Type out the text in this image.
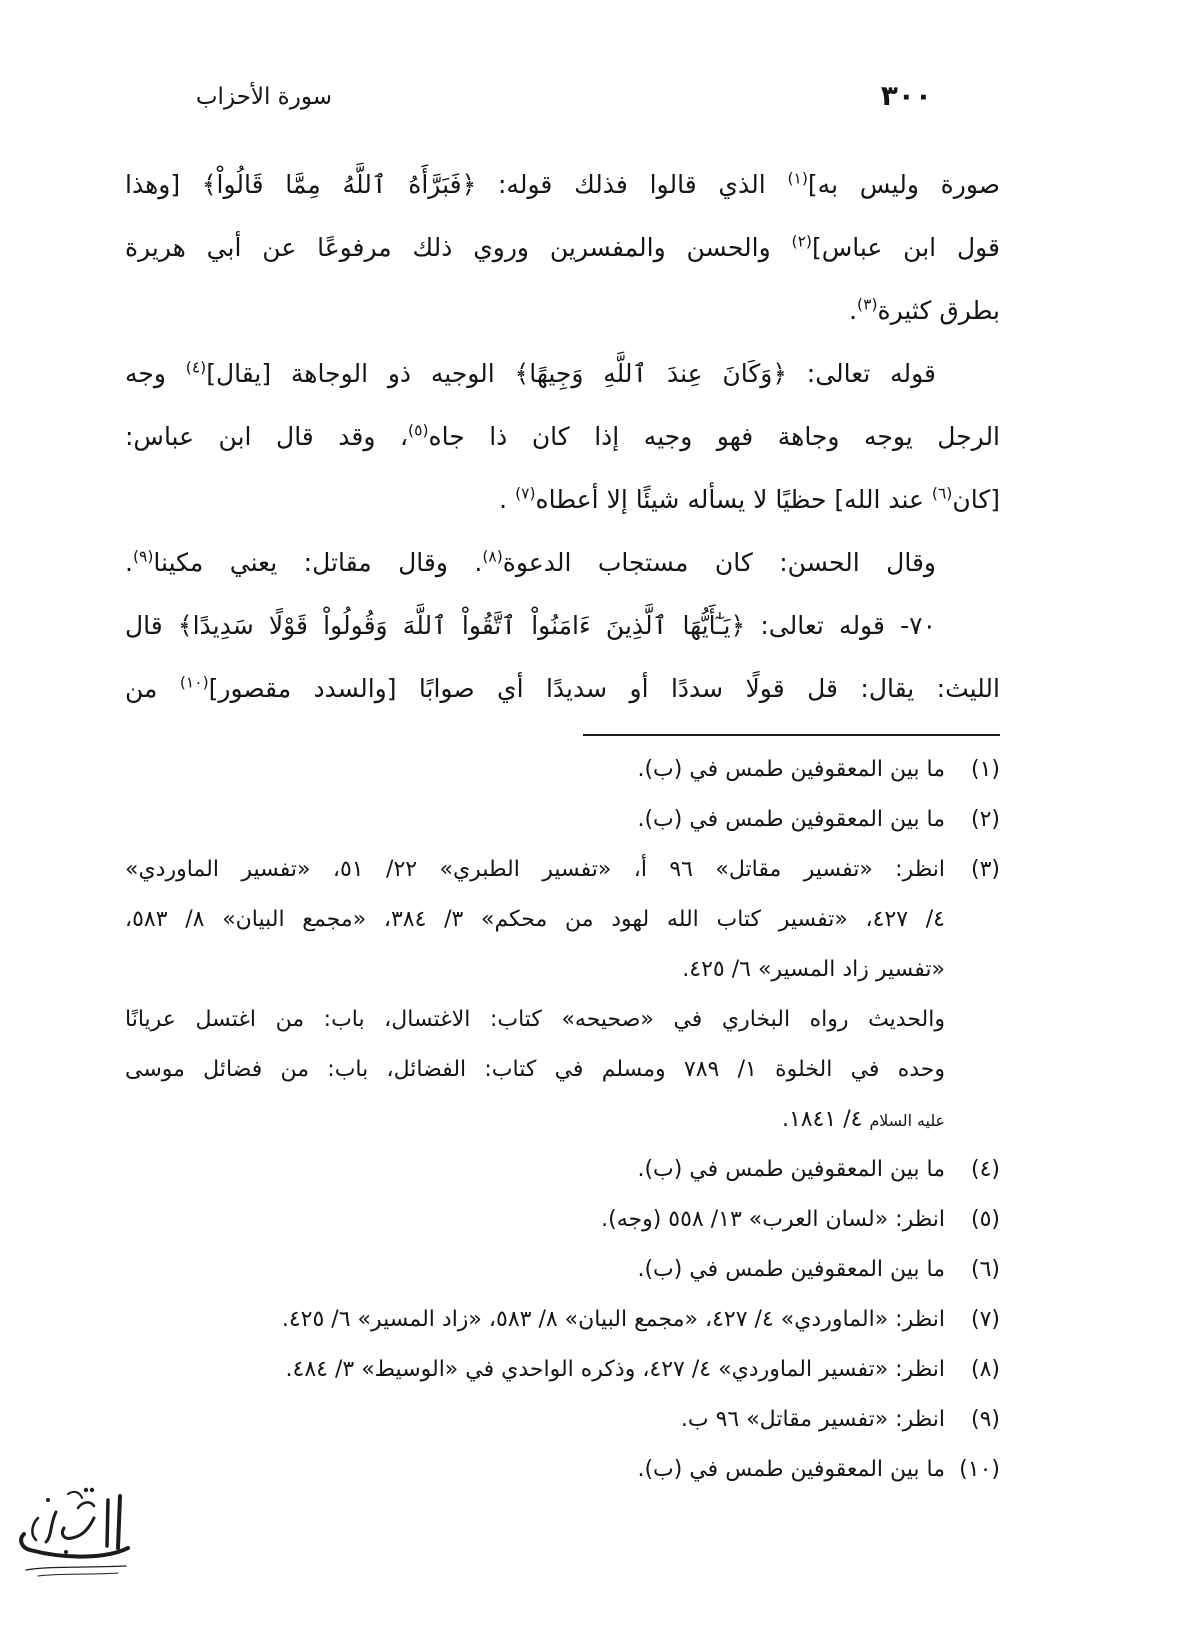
٣٠٠
سورة الأحزاب
صورة وليس به]$^{(١)}$ الذي قالوا فذلك قوله: ﴿فَبَرَّأَهُ ٱللَّهُ مِمَّا قَالُواْ﴾ [وهذا
قول ابن عباس]$^{(٢)}$ والحسن والمفسرين وروي ذلك مرفوعًا عن أبي هريرة
بطرق كثيرة$^{(٣)}$.
قوله تعالى: ﴿وَكَانَ عِندَ ٱللَّهِ وَجِيهًا﴾ الوجيه ذو الوجاهة [يقال]$^{(٤)}$ وجه
الرجل يوجه وجاهة فهو وجيه إذا كان ذا جاه$^{(٥)}$، وقد قال ابن عباس:
[كان$^{(٦)}$ عند الله] حظيًا لا يسأله شيئًا إلا أعطاه$^{(٧)}$ .
وقال الحسن: كان مستجاب الدعوة$^{(٨)}$. وقال مقاتل: يعني مكينا$^{(٩)}$.
٧٠- قوله تعالى: ﴿يَـٰٓأَيُّهَا ٱلَّذِينَ ءَامَنُواْ ٱتَّقُواْ ٱللَّهَ وَقُولُواْ قَوْلًا سَدِيدًا﴾ قال
الليث: يقال: قل قولًا سددًا أو سديدًا أي صوابًا [والسدد مقصور]$^{(١٠)}$ من
(١)
ما بين المعقوفين طمس في (ب).
(٢)
ما بين المعقوفين طمس في (ب).
(٣)
انظر: «تفسير مقاتل» ٩٦ أ، «تفسير الطبري» ٢٢/ ٥١، «تفسير الماوردي»
٤/ ٤٢٧، «تفسير كتاب الله لهود من محكم» ٣/ ٣٨٤، «مجمع البيان» ٨/ ٥٨٣،
«تفسير زاد المسير» ٦/ ٤٢٥.
والحديث رواه البخاري في «صحيحه» كتاب: الاغتسال، باب: من اغتسل عريانًا
وحده في الخلوة ١/ ٧٨٩ ومسلم في كتاب: الفضائل، باب: من فضائل موسى
عليه السلام ٤/ ١٨٤١.
(٤)
ما بين المعقوفين طمس في (ب).
(٥)
انظر: «لسان العرب» ١٣/ ٥٥٨ (وجه).
(٦)
ما بين المعقوفين طمس في (ب).
(٧)
انظر: «الماوردي» ٤/ ٤٢٧، «مجمع البيان» ٨/ ٥٨٣، «زاد المسير» ٦/ ٤٢٥.
(٨)
انظر: «تفسير الماوردي» ٤/ ٤٢٧، وذكره الواحدي في «الوسيط» ٣/ ٤٨٤.
(٩)
انظر: «تفسير مقاتل» ٩٦ ب.
(١٠)
ما بين المعقوفين طمس في (ب).
